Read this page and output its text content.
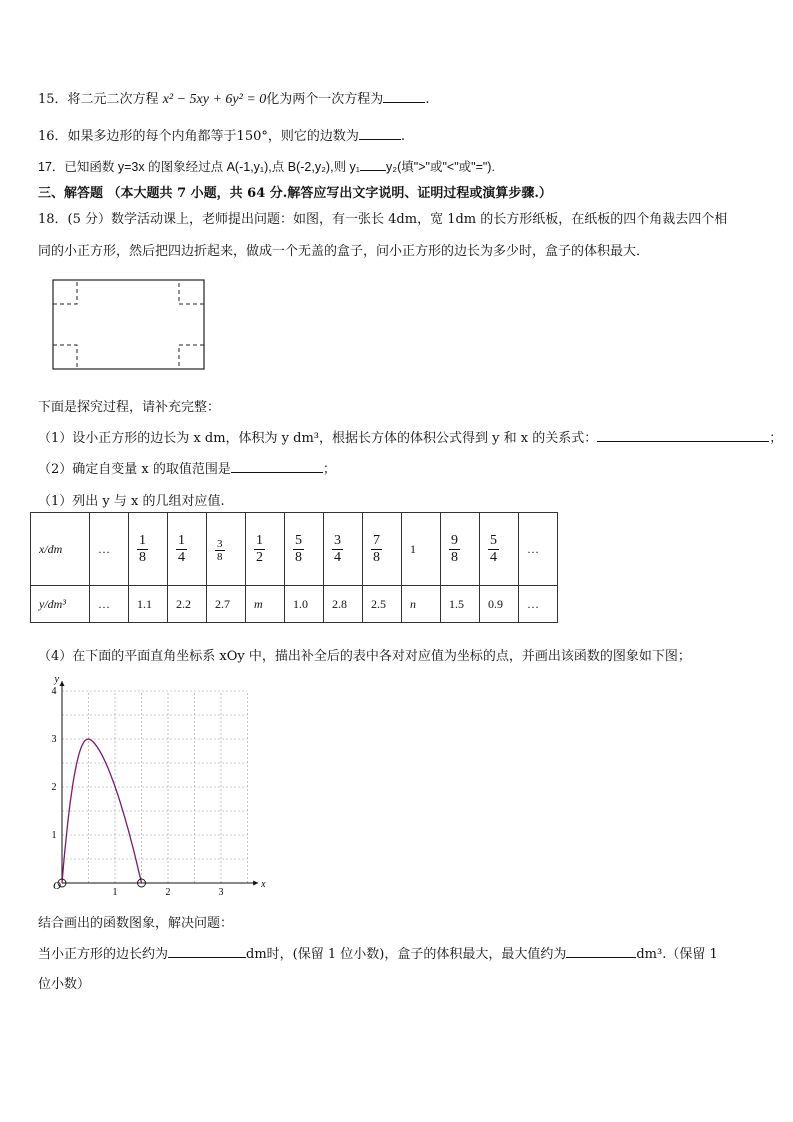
15．将二元二次方程 x² − 5xy + 6y² = 0化为两个一次方程为	.
16．如果多边形的每个内角都等于150°，则它的边数为	.
17．已知函数 y=3x 的图象经过点 A(-1,y₁),点 B(-2,y₂),则 y₁ y₂(填">"或"<"或"=").
三、解答题 （本大题共 7 小题，共 64 分.解答应写出文字说明、证明过程或演算步骤.）
18．(5 分）数学活动课上，老师提出问题：如图，有一张长 4dm，宽 1dm 的长方形纸板，在纸板的四个角裁去四个相
同的小正方形，然后把四边折起来，做成一个无盖的盒子，问小正方形的边长为多少时，盒子的体积最大．
下面是探究过程，请补充完整：
（1）设小正方形的边长为 x dm，体积为 y dm³，根据长方体的体积公式得到 y 和 x 的关系式：	；
（2）确定自变量 x 的取值范围是	；
（1）列出 y 与 x 的几组对应值.
x/dm	…	$\frac{1}{8}$	$\frac{1}{4}$	$\frac{3}{8}$	$\frac{1}{2}$	$\frac{5}{8}$	$\frac{3}{4}$	$\frac{7}{8}$	1	$\frac{9}{8}$	$\frac{5}{4}$	…
y/dm³	…	1.1	2.2	2.7	m	1.0	2.8	2.5	n	1.5	0.9	…
（4）在下面的平面直角坐标系 xOy 中，描出补全后的表中各对对应值为坐标的点，并画出该函数的图象如下图；
1	2	3
1
2
3
4
x
y
O
结合画出的函数图象，解决问题：
当小正方形的边长约为	dm时，(保留 1 位小数)，盒子的体积最大，最大值约为	dm³.（保留 1
位小数）
